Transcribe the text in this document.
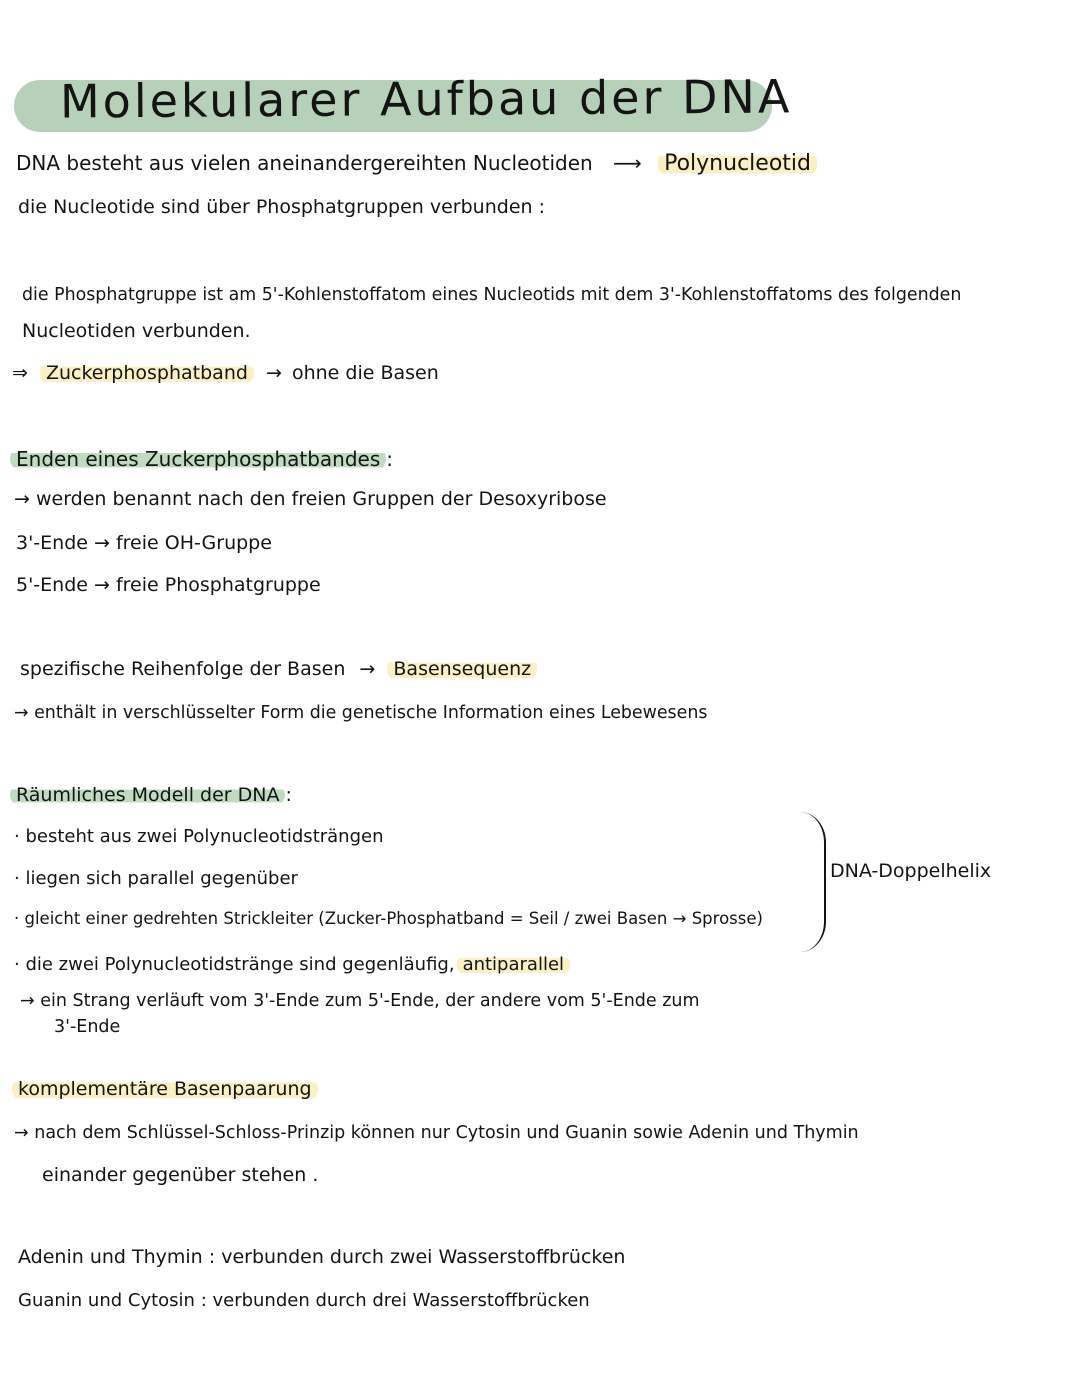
Molekularer Aufbau der DNA
DNA besteht aus vielen aneinandergereihten Nucleotiden ⟶ Polynucleotid
die Nucleotide sind über Phosphatgruppen verbunden :
die Phosphatgruppe ist am 5'-Kohlenstoffatom eines Nucleotids mit dem 3'-Kohlenstoffatoms des folgenden
Nucleotiden verbunden.
⇒ Zuckerphosphatband → ohne die Basen
Enden eines Zuckerphosphatbandes :
→ werden benannt nach den freien Gruppen der Desoxyribose
3'-Ende → freie OH-Gruppe
5'-Ende → freie Phosphatgruppe
spezifische Reihenfolge der Basen → Basensequenz
→ enthält in verschlüsselter Form die genetische Information eines Lebewesens
Räumliches Modell der DNA :
· besteht aus zwei Polynucleotidsträngen
· liegen sich parallel gegenüber
· gleicht einer gedrehten Strickleiter (Zucker-Phosphatband = Seil / zwei Basen → Sprosse)
· die zwei Polynucleotidstränge sind gegenläufig, antiparallel
→ ein Strang verläuft vom 3'-Ende zum 5'-Ende, der andere vom 5'-Ende zum
3'-Ende
DNA-Doppelhelix
komplementäre Basenpaarung
→ nach dem Schlüssel-Schloss-Prinzip können nur Cytosin und Guanin sowie Adenin und Thymin
einander gegenüber stehen .
Adenin und Thymin : verbunden durch zwei Wasserstoffbrücken
Guanin und Cytosin : verbunden durch drei Wasserstoffbrücken
